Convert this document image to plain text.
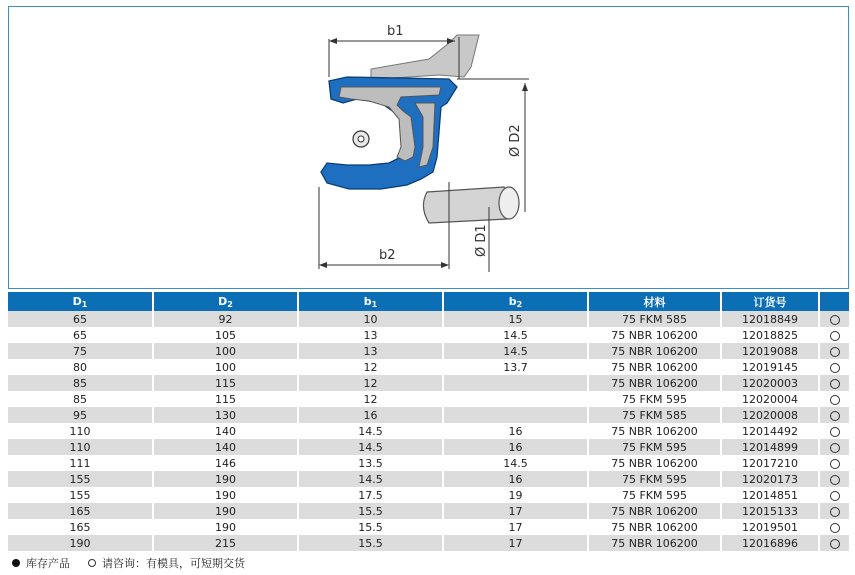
b1
b2
Ø D2
Ø D1
$D_1$	$D_2$	$b_1$	$b_2$	材料	订货号	
65	92	10	15	75 FKM 585	12018849	
65	105	13	14.5	75 NBR 106200	12018825	
75	100	13	14.5	75 NBR 106200	12019088	
80	100	12	13.7	75 NBR 106200	12019145	
85	115	12		75 NBR 106200	12020003	
85	115	12		75 FKM 595	12020004	
95	130	16		75 FKM 585	12020008	
110	140	14.5	16	75 NBR 106200	12014492	
110	140	14.5	16	75 FKM 595	12014899	
111	146	13.5	14.5	75 NBR 106200	12017210	
155	190	14.5	16	75 FKM 595	12020173	
155	190	17.5	19	75 FKM 595	12014851	
165	190	15.5	17	75 NBR 106200	12015133	
165	190	15.5	17	75 NBR 106200	12019501	
190	215	15.5	17	75 NBR 106200	12016896	
库存产品	请咨询：有模具，可短期交货
